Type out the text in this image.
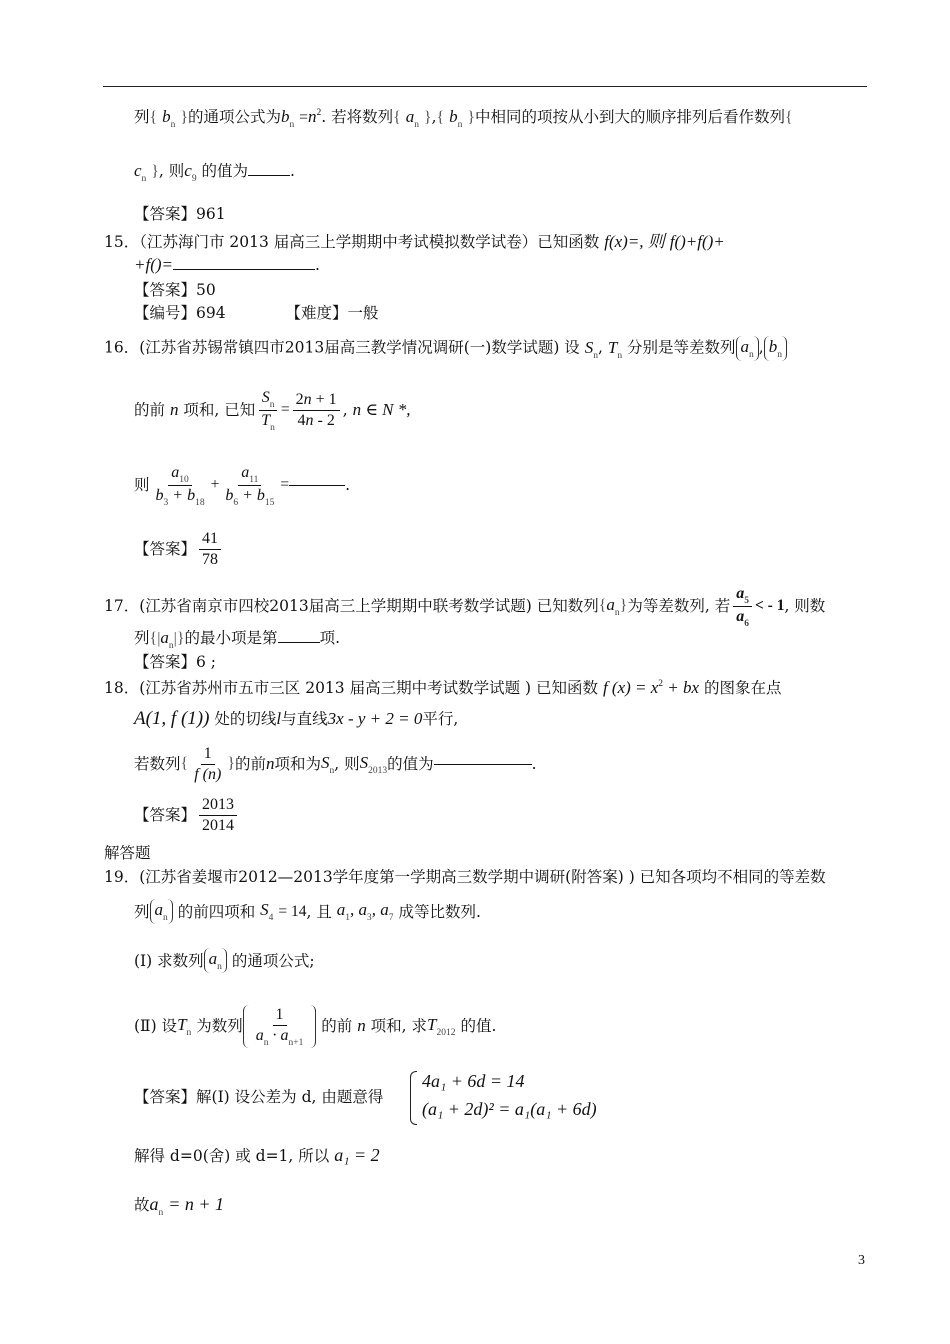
列{ $b_n$ }的通项公式为$b_n =n^2$. 若将数列{ $a_n$ },{ $b_n$ }中相同的项按从小到大的顺序排列后看作数列{
$c_n$ }, 则$c_9$ 的值为	.
【答案】961
15．（江苏海门市 2013 届高三上学期期中考试模拟数学试卷）已知函数 f(x)=, 则 f()+f()+
+f()=	.
【答案】50
【编号】694	【难度】一般
16．(江苏省苏锡常镇四市2013届高三教学情况调研(一)数学试题) 设 $S_n$, $T_n$ 分别是等差数列 $a_n$ , $b_n$
的前
n
项和, 已知 $\frac{S_n}{T_n} = \frac{2n + 1}{4n - 2}$ ,
n ∈ N *,
则 $\frac{a_{10}}{b_3 + b_{18}} + \frac{a_{11}}{b_6 + b_{15}}$ =	.
【答案】 $\frac{41}{78}$
17． (江苏省南京市四校2013届高三上学期期中联考数学试题) 已知数列 { $a_n$ } 为等差数列, 若 $\frac{a_5}{a_6}$ < - 1 , 则数
列$\{|a_n|\}$的最小项是第	项.
【答案】6 ;
18．(江苏省苏州市五市三区 2013 届高三期中考试数学试题 ) 已知函数 f $(x) = x^2$ + bx 的图象在点
A(1, f (1)) 处的切线l与直线3x - y + 2 = 0平行,
若数列 { $\frac{1}{f (n)}$ } 的前 n 项和为 $S_n$ , 则 $S_{2013}$ 的值为	.
【答案】 $\frac{2013}{2014}$
解答题
19．(江苏省姜堰市2012—2013学年度第一学期高三数学期中调研(附答案) ) 已知各项均不相同的等差数
列 $a_n$
的前四项和
$S_4$
= 14 , 且
$a_1$, $a_3$, $a_7$
成等比数列.
(Ⅰ) 求数列 $a_n$
的通项公式;
(Ⅱ) 设 $T_n$
为数列 $\frac{1}{a_n \cdot a_{n+1}}$
的前
n
项和, 求 $T_{2012}$
的值.
【答案】解(Ⅰ) 设公差为 d, 由题意得
4a₁ + 6d = 14
(a₁ + 2d)² = a₁(a₁ + 6d)
解得 d=0(舍) 或 d=1, 所以 a₁ = 2
故$a_n = n + 1$
3
